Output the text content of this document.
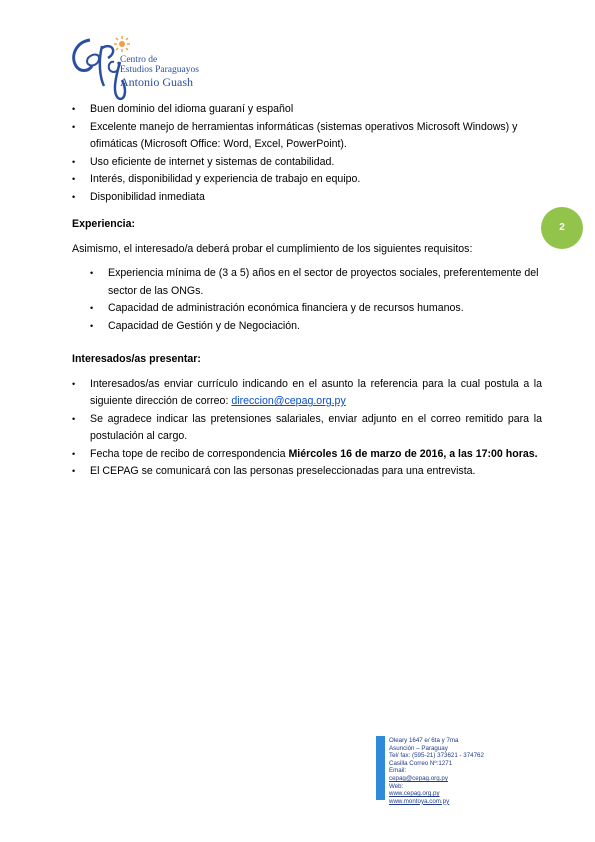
Centro de
Estudios Paraguayos
Antonio Guash
• Buen dominio del idioma guaraní y español
• Excelente manejo de herramientas informáticas (sistemas operativos Microsoft Windows) y ofimáticas (Microsoft Office: Word, Excel, PowerPoint).
• Uso eficiente de internet y sistemas de contabilidad.
• Interés, disponibilidad y experiencia de trabajo en equipo.
• Disponibilidad inmediata
Experiencia:
Asimismo, el interesado/a deberá probar el cumplimiento de los siguientes requisitos:
• Experiencia mínima de (3 a 5) años en el sector de proyectos sociales, preferentemente del sector de las ONGs.
• Capacidad de administración económica financiera y de recursos humanos.
• Capacidad de Gestión y de Negociación.
Interesados/as presentar:
• Interesados/as enviar currículo indicando en el asunto la referencia para la cual postula a la siguiente dirección de correo: direccion@cepag.org.py
• Se agradece indicar las pretensiones salariales, enviar adjunto en el correo remitido para la postulación al cargo.
• Fecha tope de recibo de correspondencia Miércoles 16 de marzo de 2016, a las 17:00 horas.
• El CEPAG se comunicará con las personas preseleccionadas para una entrevista.
2
Oleary 1647 e/ 6ta y 7ma
Asunción – Paraguay
Tel/ fax: (595-21) 373621 - 374762
Casilla Correo Nº:1271
Email:
cepag@cepag.org.py
Web:
www.cepag.org.py
www.montoya.com.py
